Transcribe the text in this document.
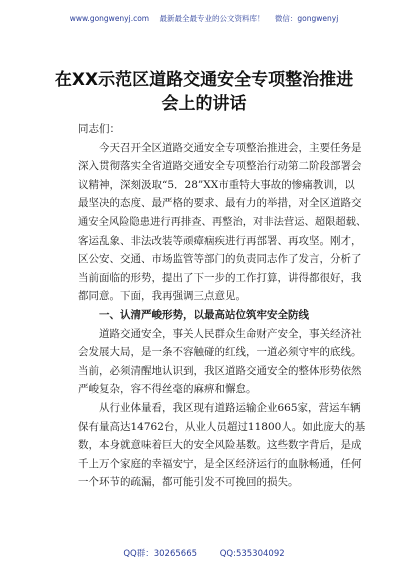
www.gongwenyj.com 最新最全最专业的公文资料库！ 微信：gongwenyj
在XX示范区道路交通安全专项整治推进
会上的讲话
同志们：
今天召开全区道路交通安全专项整治推进会，主要任务是
深入贯彻落实全省道路交通安全专项整治行动第二阶段部署会
议精神，深刻汲取“5．28”XX市重特大事故的惨痛教训，以
最坚决的态度、最严格的要求、最有力的举措，对全区道路交
通安全风险隐患进行再排查、再整治，对非法营运、超限超载、
客运乱象、非法改装等顽瘴痼疾进行再部署、再攻坚。刚才，
区公安、交通、市场监管等部门的负责同志作了发言，分析了
当前面临的形势，提出了下一步的工作打算，讲得都很好，我
都同意。下面，我再强调三点意见。
一、认清严峻形势，以最高站位筑牢安全防线
道路交通安全，事关人民群众生命财产安全，事关经济社
会发展大局，是一条不容触碰的红线，一道必须守牢的底线。
当前，必须清醒地认识到，我区道路交通安全的整体形势依然
严峻复杂，容不得丝毫的麻痹和懈怠。
从行业体量看，我区现有道路运输企业665家，营运车辆
保有量高达14762台，从业人员超过11800人。如此庞大的基
数，本身就意味着巨大的安全风险基数。这些数字背后，是成
千上万个家庭的幸福安宁，是全区经济运行的血脉畅通，任何
一个环节的疏漏，都可能引发不可挽回的损失。
QQ群：30265665	QQ:535304092
